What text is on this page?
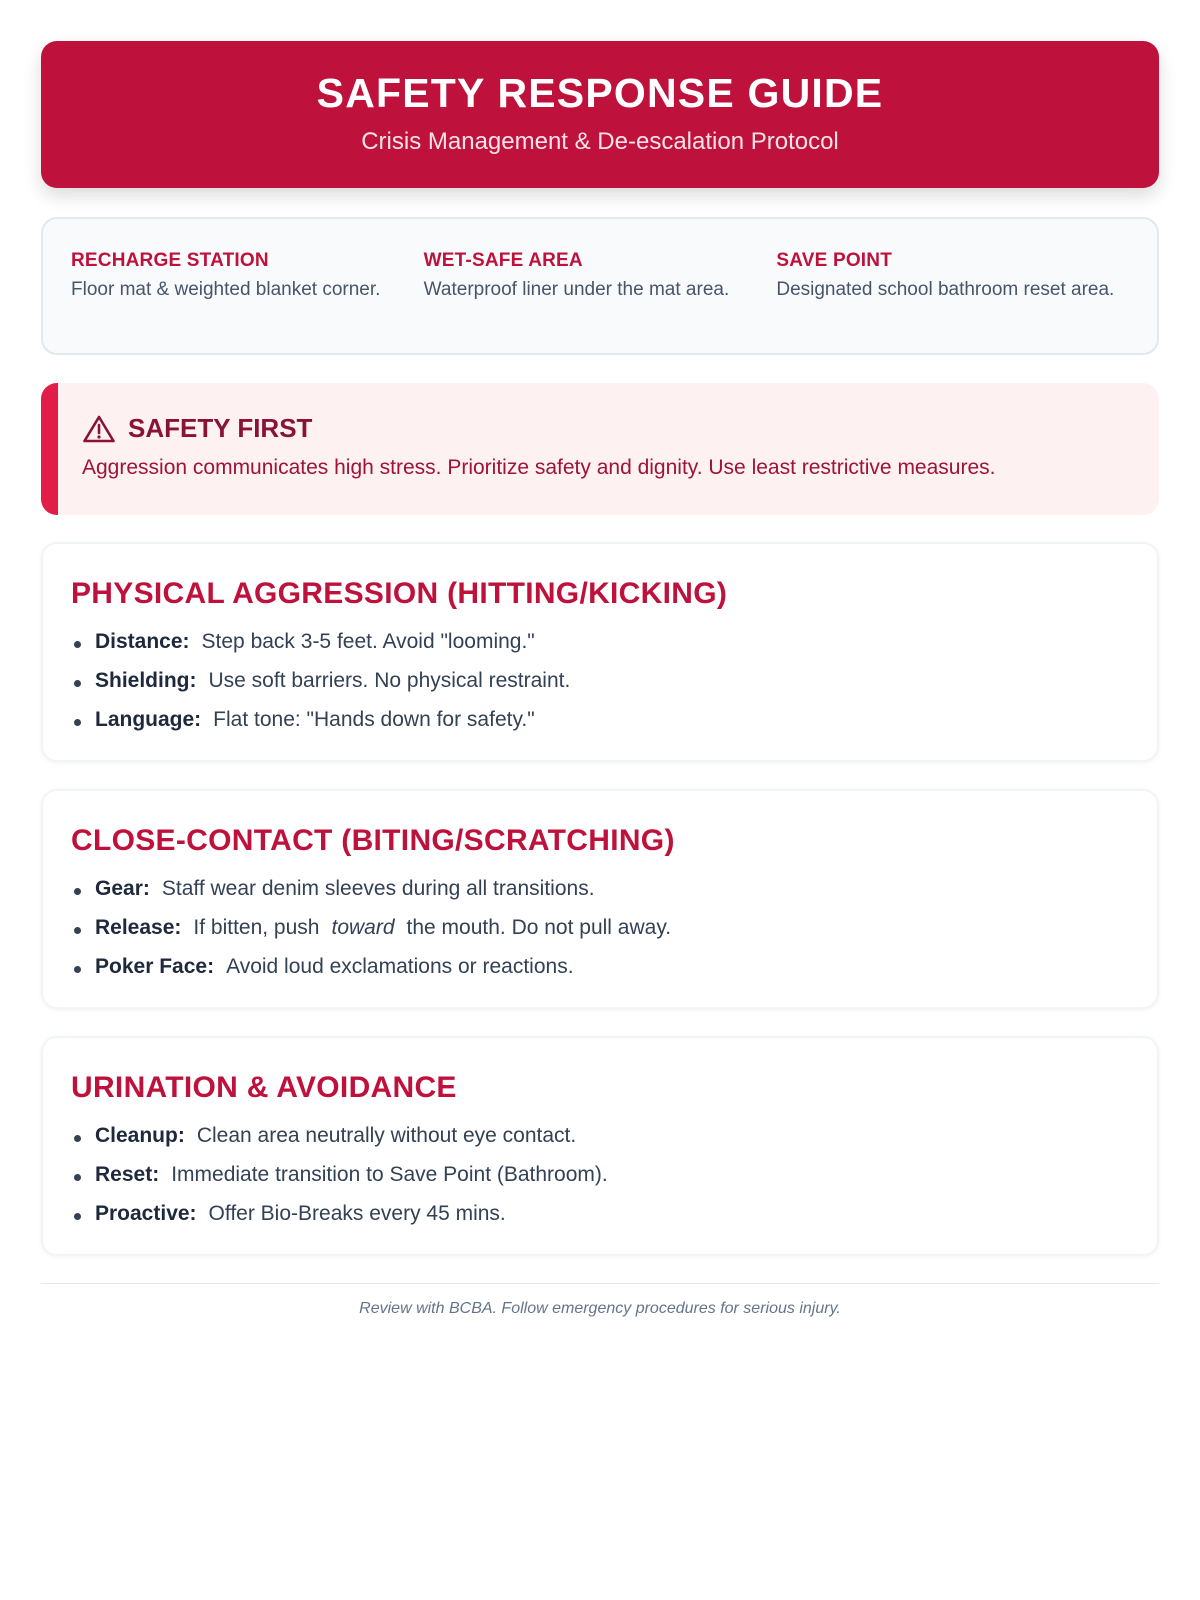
SAFETY RESPONSE GUIDE
Crisis Management & De-escalation Protocol
RECHARGE STATION
Floor mat & weighted blanket corner.
WET-SAFE AREA
Waterproof liner under the mat area.
SAVE POINT
Designated school bathroom reset area.
SAFETY FIRST
Aggression communicates high stress. Prioritize safety and dignity. Use least restrictive measures.
PHYSICAL AGGRESSION (HITTING/KICKING)
Distance: Step back 3-5 feet. Avoid "looming."
Shielding: Use soft barriers. No physical restraint.
Language: Flat tone: "Hands down for safety."
CLOSE-CONTACT (BITING/SCRATCHING)
Gear: Staff wear denim sleeves during all transitions.
Release: If bitten, push toward the mouth. Do not pull away.
Poker Face: Avoid loud exclamations or reactions.
URINATION & AVOIDANCE
Cleanup: Clean area neutrally without eye contact.
Reset: Immediate transition to Save Point (Bathroom).
Proactive: Offer Bio-Breaks every 45 mins.
Review with BCBA. Follow emergency procedures for serious injury.
